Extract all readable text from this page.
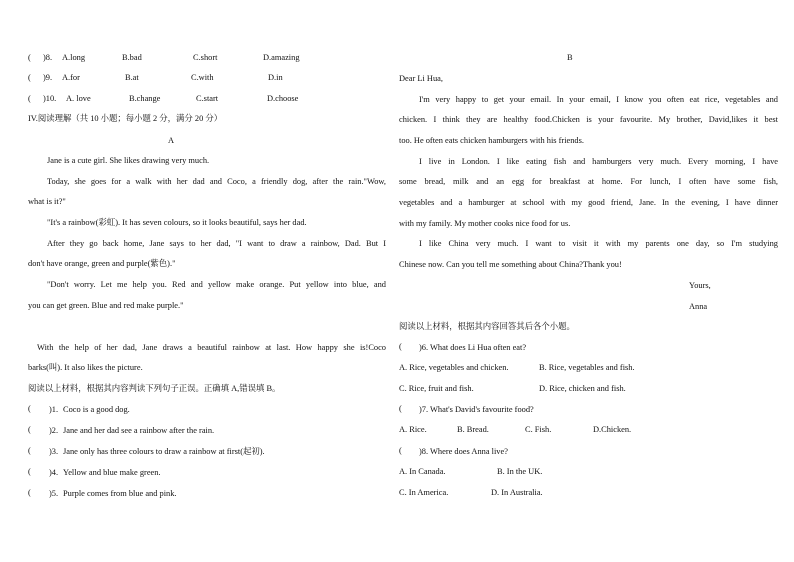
( )8. A.long	B.bad	C.short	D.amazing
( )9. A.for	B.at	C.with	D.in
( )10. A. love	B.change	C.start	D.choose
IV.阅读理解（共 10 小题；每小题 2 分，满分 20 分）
A
Jane is a cute girl. She likes drawing very much.
Today, she goes for a walk with her dad and Coco, a friendly dog, after the rain."Wow,
what is it?"
"It's a rainbow(彩虹). It has seven colours, so it looks beautiful, says her dad.
After they go back home, Jane says to her dad, "I want to draw a rainbow, Dad. But I
don't have orange, green and purple(紫色)."
"Don't worry. Let me help you. Red and yellow make orange. Put yellow into blue, and
you can get green. Blue and red make purple."
With the help of her dad, Jane draws a beautiful rainbow at last. How happy she is!Coco
barks(叫). It also likes the picture.
阅读以上材料，根据其内容判读下列句子正误。正确填 A,错误填 B。
( )1. Coco is a good dog.
( )2. Jane and her dad see a rainbow after the rain.
( )3. Jane only has three colours to draw a rainbow at first(起初).
( )4. Yellow and blue make green.
( )5. Purple comes from blue and pink.
B
Dear Li Hua,
I'm very happy to get your email. In your email, I know you often eat rice, vegetables and
chicken. I think they are healthy food.Chicken is your favourite. My brother, David,likes it best
too. He often eats chicken hamburgers with his friends.
I live in London. I like eating fish and hamburgers very much. Every morning, I have
some bread, milk and an egg for breakfast at home. For lunch, I often have some fish,
vegetables and a hamburger at school with my good friend, Jane. In the evening, I have dinner
with my family. My mother cooks nice food for us.
I like China very much. I want to visit it with my parents one day, so I'm studying
Chinese now. Can you tell me something about China?Thank you!
Yours,
Anna
阅读以上材料，根据其内容回答其后各个小题。
( )6. What does Li Hua often eat?
A. Rice, vegetables and chicken.	B. Rice, vegetables and fish.
C. Rice, fruit and fish.	D. Rice, chicken and fish.
( )7. What's David's favourite food?
A. Rice.	B. Bread.	C. Fish.	D.Chicken.
( )8. Where does Anna live?
A. In Canada.	B. In the UK.
C. In America.	D. In Australia.
